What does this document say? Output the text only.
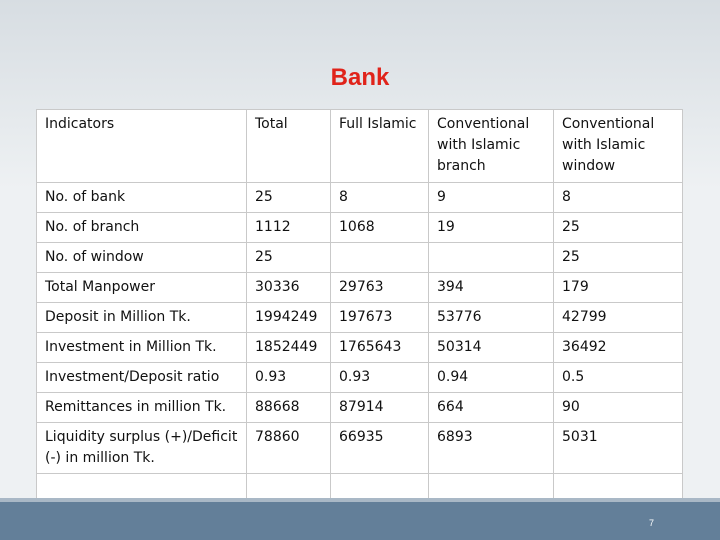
Bank
Indicators	Total	Full Islamic	Conventional with Islamic branch	Conventional with Islamic window
No. of bank	25	8	9	8
No. of branch	1112	1068	19	25
No. of window	25			25
Total Manpower	30336	29763	394	179
Deposit in Million Tk.	1994249	197673	53776	42799
Investment in Million Tk.	1852449	1765643	50314	36492
Investment/Deposit ratio	0.93	0.93	0.94	0.5
Remittances in million Tk.	88668	87914	664	90
Liquidity surplus (+)/Deficit (-) in million Tk.	78860	66935	6893	5031

7
